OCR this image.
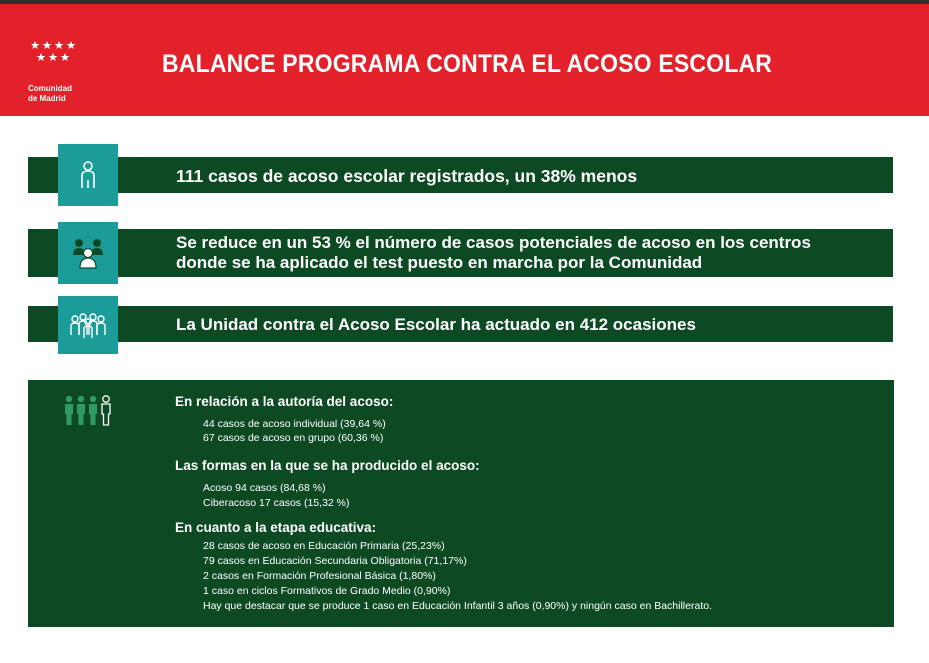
Comunidad
de Madrid
BALANCE PROGRAMA CONTRA EL ACOSO ESCOLAR
111 casos de acoso escolar registrados, un 38% menos
Se reduce en un 53 % el número de casos potenciales de acoso en los centros
donde se ha aplicado el test puesto en marcha por la Comunidad
La Unidad contra el Acoso Escolar ha actuado en 412 ocasiones
En relación a la autoría del acoso:
44 casos de acoso individual (39,64 %)
67 casos de acoso en grupo (60,36 %)
Las formas en la que se ha producido el acoso:
Acoso 94 casos (84,68 %)
Ciberacoso 17 casos (15,32 %)
En cuanto a la etapa educativa:
28 casos de acoso en Educación Primaria (25,23%)
79 casos en Educación Secundaria Obligatoria (71,17%)
2 casos en Formación Profesional Básica (1,80%)
1 caso en ciclos Formativos de Grado Medio (0,90%)
Hay que destacar que se produce 1 caso en Educación Infantil 3 años (0,90%) y ningún caso en Bachillerato.
